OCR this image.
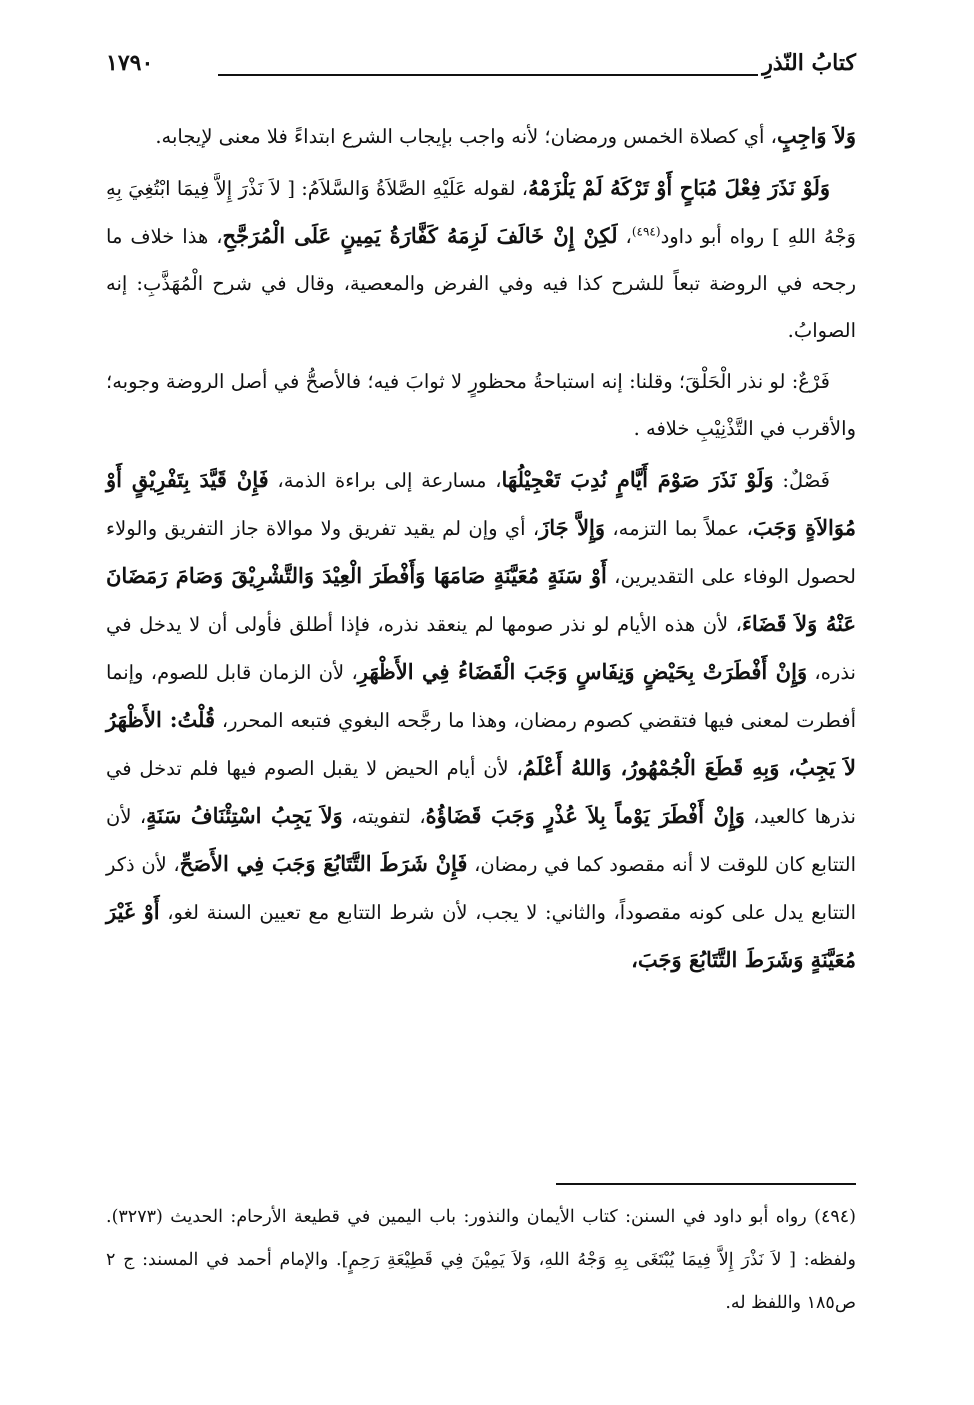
كتابُ النّذرِ
١٧٩٠

وَلاَ وَاجِبٍ، أي كصلاة الخمس ورمضان؛ لأنه واجب بإيجاب الشرع ابتداءً فلا معنى لإيجابه.

وَلَوْ نَذَرَ فِعْلَ مُبَاحٍ أَوْ تَرْكَهُ لَمْ يَلْزَمْهُ، لقوله عَلَيْهِ الصَّلاَةُ وَالسَّلاَمُ: [ لاَ نَذْرَ إِلاَّ فِيمَا ابْتُغِيَ بِهِ وَجْهُ اللهِ ] رواه أبو داود$^{(٤٩٤)}$، لَكِنْ إِنْ خَالَفَ لَزِمَهُ كَفَّارَةُ يَمِينٍ عَلَى الْمُرَجَّحِ، هذا خلاف ما رجحه في الروضة تبعاً للشرح كذا فيه وفي الفرض والمعصية، وقال في شرح الْمُهَذَّبِ: إنه الصوابُ.

فَرْعٌ: لو نذر الْحَلْقَ؛ وقلنا: إنه استباحةُ محظورٍ لا ثوابَ فيه؛ فالأصحُّ في أصل الروضة وجوبه؛ والأقرب في التَّذْنِيْبِ خلافه .

فَصْلٌ: وَلَوْ نَذَرَ صَوْمَ أَيَّامٍ نُدِبَ تَعْجِيْلُهَا، مسارعة إلى براءة الذمة، فَإِنْ قَيَّدَ بِتَفْرِيْقٍ أَوْ مُوَالاَةٍ وَجَبَ، عملاً بما التزمه، وَإِلاَّ جَازَ، أي وإن لم يقيد تفريق ولا موالاة جاز التفريق والولاء لحصول الوفاء على التقديرين، أَوْ سَنَةٍ مُعَيَّنَةٍ صَامَهَا وَأَفْطَرَ الْعِيْدَ وَالتَّشْرِيْقَ وَصَامَ رَمَضَانَ عَنْهُ وَلاَ قَضَاءَ، لأن هذه الأيام لو نذر صومها لم ينعقد نذره، فإذا أطلق فأولى أن لا يدخل في نذره، وَإِنْ أَفْطَرَتْ بِحَيْضٍ وَنِفَاسٍ وَجَبَ الْقَضَاءُ فِي الأَظْهَرِ، لأن الزمان قابل للصوم، وإنما أفطرت لمعنى فيها فتقضي كصوم رمضان، وهذا ما رجَّحه البغوي فتبعه المحرر، قُلْتُ: الأَظْهَرُ لاَ يَجِبُ، وَبِهِ قَطَعَ الْجُمْهُورُ، وَاللهُ أَعْلَمُ، لأن أيام الحيض لا يقبل الصوم فيها فلم تدخل في نذرها كالعيد، وَإِنْ أَفْطَرَ يَوْماً بِلاَ عُذْرٍ وَجَبَ قَضَاؤُهُ، لتفويته، وَلاَ يَجِبُ اسْتِئْنَافُ سَنَةٍ، لأن التتابع كان للوقت لا أنه مقصود كما في رمضان، فَإِنْ شَرَطَ التَّتَابُعَ وَجَبَ فِي الأَصَحِّ، لأن ذكر التتابع يدل على كونه مقصوداً، والثاني: لا يجب، لأن شرط التتابع مع تعيين السنة لغو، أَوْ غَيْرَ مُعَيَّنَةٍ وَشَرَطَ التَّتَابُعَ وَجَبَ،

(٤٩٤) رواه أبو داود في السنن: كتاب الأيمان والنذور: باب اليمين في قطيعة الأرحام: الحديث (٣٢٧٣). ولفظه: [ لاَ نَذْرَ إِلاَّ فِيمَا يُبْتَغَى بِهِ وَجْهُ اللهِ، وَلاَ يَمِيْنَ فِي قَطِيْعَةِ رَحِمٍ]. والإمام أحمد في المسند: ج ٢ ص١٨٥ واللفظ له.
